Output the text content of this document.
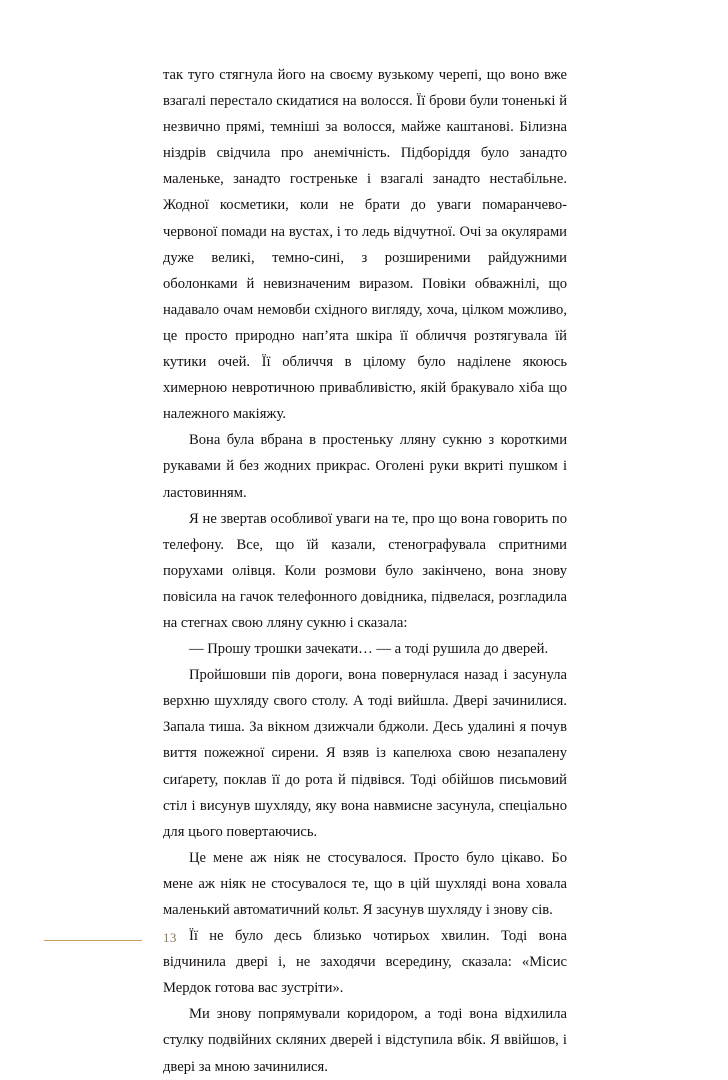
так туго стягнула його на своєму вузькому черепі, що воно вже взагалі перестало скидатися на волосся. Її брови були тоненькі й незвично прямі, темніші за волосся, майже каштанові. Білизна ніздрів свідчила про анемічність. Підборіддя було занадто маленьке, занадто гостреньке і взагалі занадто нестабільне. Жодної косметики, коли не брати до уваги помаранчево-червоної помади на вустах, і то ледь відчутної. Очі за окулярами дуже великі, темно-сині, з розширеними райдужними оболонками й невизначеним виразом. Повіки обважнілі, що надавало очам немовби східного вигляду, хоча, цілком можливо, це просто природно нап’ята шкіра її обличчя розтягувала їй кутики очей. Її обличчя в цілому було наділене якоюсь химерною невротичною привабливістю, якій бракувало хіба що належного макіяжу.

Вона була вбрана в простеньку лляну сукню з короткими рукавами й без жодних прикрас. Оголені руки вкриті пушком і ластовинням.

Я не звертав особливої уваги на те, про що вона говорить по телефону. Все, що їй казали, стенографувала спритними порухами олівця. Коли розмови було закінчено, вона знову повісила на гачок телефонного довідника, підвелася, розгладила на стегнах свою лляну сукню і сказала:

— Прошу трошки зачекати… — а тоді рушила до дверей.

Пройшовши пів дороги, вона повернулася назад і засунула верхню шухляду свого столу. А тоді вийшла. Двері зачинилися. Запала тиша. За вікном дзижчали бджоли. Десь удалині я почув виття пожежної сирени. Я взяв із капелюха свою незапалену сиґарету, поклав її до рота й підвівся. Тоді обійшов письмовий стіл і висунув шухляду, яку вона навмисне засунула, спеціально для цього повертаючись.

Це мене аж ніяк не стосувалося. Просто було цікаво. Бо мене аж ніяк не стосувалося те, що в цій шухляді вона ховала маленький автоматичний кольт. Я засунув шухляду і знову сів.

Її не було десь близько чотирьох хвилин. Тоді вона відчинила двері і, не заходячи всередину, сказала: «Місис Мердок готова вас зустріти».

Ми знову попрямували коридором, а тоді вона відхилила стулку подвійних скляних дверей і відступила вбік. Я ввійшов, і двері за мною зачинилися.

13
